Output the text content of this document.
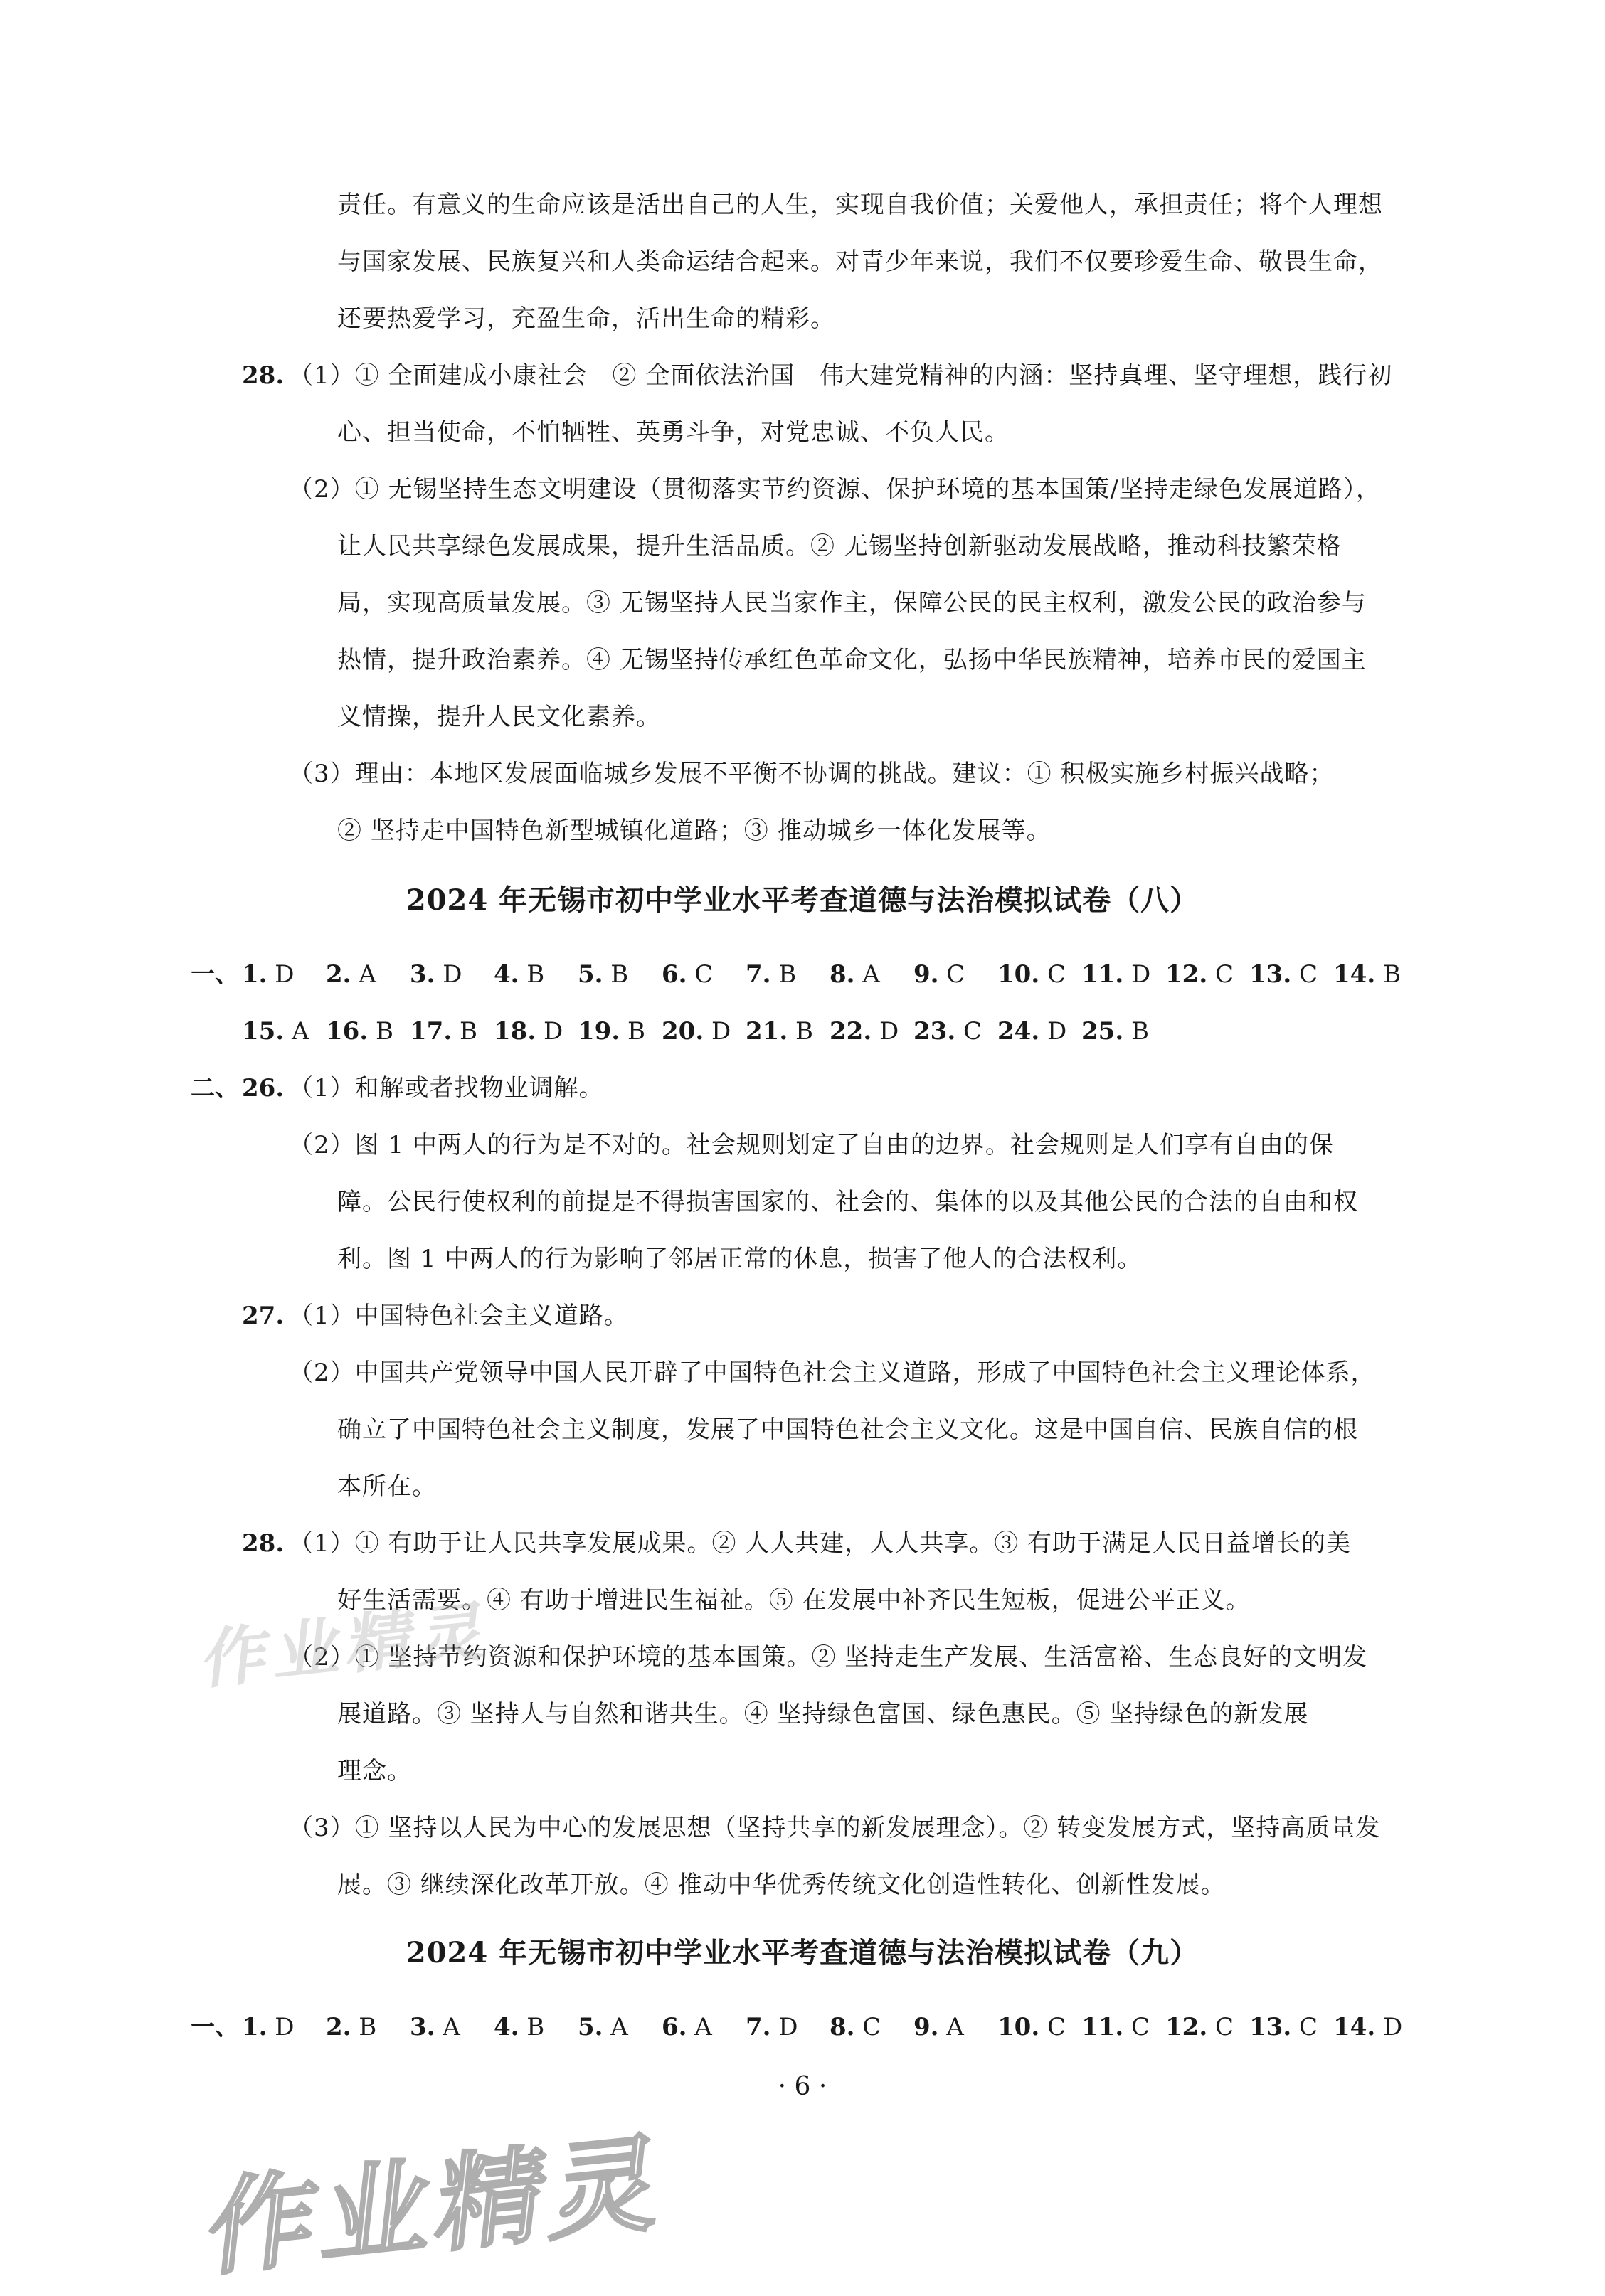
责任。有意义的生命应该是活出自己的人生，实现自我价值；关爱他人，承担责任；将个人理想
与国家发展、民族复兴和人类命运结合起来。对青少年来说，我们不仅要珍爱生命、敬畏生命，
还要热爱学习，充盈生命，活出生命的精彩。
28. （1）① 全面建成小康社会　② 全面依法治国　伟大建党精神的内涵：坚持真理、坚守理想，践行初
心、担当使命，不怕牺牲、英勇斗争，对党忠诚、不负人民。
（2）① 无锡坚持生态文明建设（贯彻落实节约资源、保护环境的基本国策/坚持走绿色发展道路），
让人民共享绿色发展成果，提升生活品质。② 无锡坚持创新驱动发展战略，推动科技繁荣格
局，实现高质量发展。③ 无锡坚持人民当家作主，保障公民的民主权利，激发公民的政治参与
热情，提升政治素养。④ 无锡坚持传承红色革命文化，弘扬中华民族精神，培养市民的爱国主
义情操，提升人民文化素养。
（3）理由：本地区发展面临城乡发展不平衡不协调的挑战。建议：① 积极实施乡村振兴战略；
② 坚持走中国特色新型城镇化道路；③ 推动城乡一体化发展等。
2024 年无锡市初中学业水平考查道德与法治模拟试卷（八）
一、 1. D 2. A 3. D 4. B 5. B 6. C 7. B 8. A 9. C 10. C 11. D 12. C 13. C 14. B
15. A 16. B 17. B 18. D 19. B 20. D 21. B 22. D 23. C 24. D 25. B
二、 26. （1）和解或者找物业调解。
（2）图 1 中两人的行为是不对的。社会规则划定了自由的边界。社会规则是人们享有自由的保
障。公民行使权利的前提是不得损害国家的、社会的、集体的以及其他公民的合法的自由和权
利。图 1 中两人的行为影响了邻居正常的休息，损害了他人的合法权利。
27. （1）中国特色社会主义道路。
（2）中国共产党领导中国人民开辟了中国特色社会主义道路，形成了中国特色社会主义理论体系，
确立了中国特色社会主义制度，发展了中国特色社会主义文化。这是中国自信、民族自信的根
本所在。
28. （1）① 有助于让人民共享发展成果。② 人人共建，人人共享。③ 有助于满足人民日益增长的美
好生活需要。④ 有助于增进民生福祉。⑤ 在发展中补齐民生短板，促进公平正义。
（2）① 坚持节约资源和保护环境的基本国策。② 坚持走生产发展、生活富裕、生态良好的文明发
展道路。③ 坚持人与自然和谐共生。④ 坚持绿色富国、绿色惠民。⑤ 坚持绿色的新发展
理念。
（3）① 坚持以人民为中心的发展思想（坚持共享的新发展理念）。② 转变发展方式，坚持高质量发
展。③ 继续深化改革开放。④ 推动中华优秀传统文化创造性转化、创新性发展。
2024 年无锡市初中学业水平考查道德与法治模拟试卷（九）
一、 1. D 2. B 3. A 4. B 5. A 6. A 7. D 8. C 9. A 10. C 11. C 12. C 13. C 14. D
· 6 ·
作业精灵
作业精灵
